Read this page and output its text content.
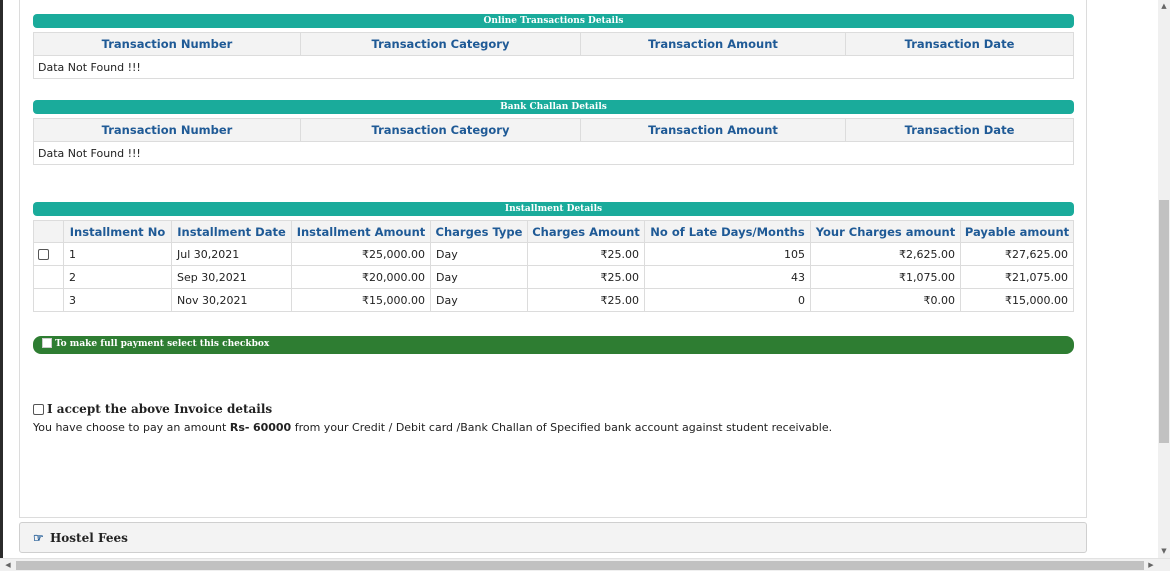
Online Transactions Details
Transaction Number	Transaction Category	Transaction Amount	Transaction Date
Data Not Found !!!
Bank Challan Details
Transaction Number	Transaction Category	Transaction Amount	Transaction Date
Data Not Found !!!
Installment Details
	Installment No	Installment Date	Installment Amount	Charges Type	Charges Amount	No of Late Days/Months	Your Charges amount	Payable amount
	1	Jul 30,2021	₹25,000.00	Day	₹25.00	105	₹2,625.00	₹27,625.00
	2	Sep 30,2021	₹20,000.00	Day	₹25.00	43	₹1,075.00	₹21,075.00
	3	Nov 30,2021	₹15,000.00	Day	₹25.00	0	₹0.00	₹15,000.00
To make full payment select this checkbox
I accept the above Invoice details
You have choose to pay an amount Rs- 60000 from your Credit / Debit card /Bank Challan of Specified bank account against student receivable.
☞ Hostel Fees
▲
▼
◀	▶
